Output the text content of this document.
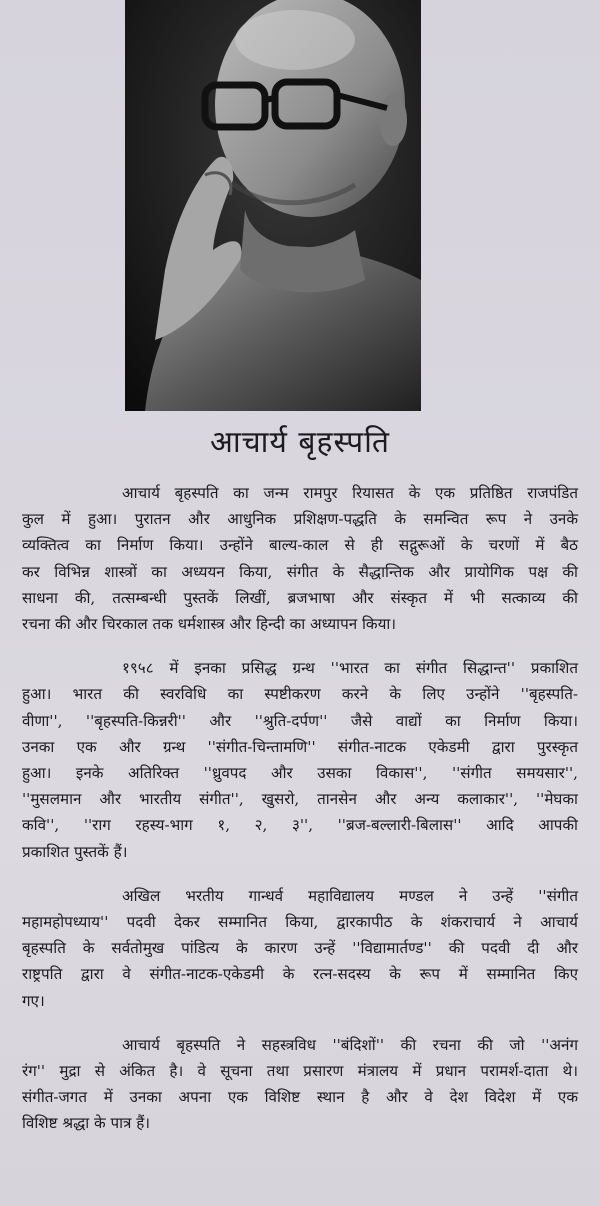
आचार्य बृहस्पति

आचार्य बृहस्पति का जन्म रामपुर रियासत के एक प्रतिष्ठित राजपंडित
कुल में हुआ। पुरातन और आधुनिक प्रशिक्षण-पद्धति के समन्वित रूप ने उनके
व्यक्तित्व का निर्माण किया। उन्होंने बाल्य-काल से ही सद्गुरूओं के चरणों में बैठ
कर विभिन्न शास्त्रों का अध्ययन किया, संगीत के सैद्धान्तिक और प्रायोगिक पक्ष की
साधना की, तत्सम्बन्धी पुस्तकें लिखीं, ब्रजभाषा और संस्कृत में भी सत्काव्य की
रचना की और चिरकाल तक धर्मशास्त्र और हिन्दी का अध्यापन किया।

१९५८ में इनका प्रसिद्ध ग्रन्थ ''भारत का संगीत सिद्धान्त'' प्रकाशित
हुआ। भारत की स्वरविधि का स्पष्टीकरण करने के लिए उन्होंने ''बृहस्पति-
वीणा'', ''बृहस्पति-किन्नरी'' और ''श्रुति-दर्पण'' जैसे वाद्यों का निर्माण किया।
उनका एक और ग्रन्थ ''संगीत-चिन्तामणि'' संगीत-नाटक एकेडमी द्वारा पुरस्कृत
हुआ। इनके अतिरिक्त ''ध्रुवपद और उसका विकास'', ''संगीत समयसार'',
''मुसलमान और भारतीय संगीत'', खुसरो, तानसेन और अन्य कलाकार'', ''मेघका
कवि'', ''राग रहस्य-भाग १, २, ३'', ''ब्रज-बल्लारी-बिलास'' आदि आपकी
प्रकाशित पुस्तकें हैं।

अखिल भरतीय गान्धर्व महाविद्यालय मण्डल ने उन्हें ''संगीत
महामहोपध्याय'' पदवी देकर सम्मानित किया, द्वारकापीठ के शंकराचार्य ने आचार्य
बृहस्पति के सर्वतोमुख पांडित्य के कारण उन्हें ''विद्यामार्तण्ड'' की पदवी दी और
राष्ट्रपति द्वारा वे संगीत-नाटक-एकेडमी के रत्न-सदस्य के रूप में सम्मानित किए
गए।

आचार्य बृहस्पति ने सहस्त्रविध ''बंदिशों'' की रचना की जो ''अनंग
रंग'' मुद्रा से अंकित है। वे सूचना तथा प्रसारण मंत्रालय में प्रधान परामर्श-दाता थे।
संगीत-जगत में उनका अपना एक विशिष्ट स्थान है और वे देश विदेश में एक
विशिष्ट श्रद्धा के पात्र हैं।
